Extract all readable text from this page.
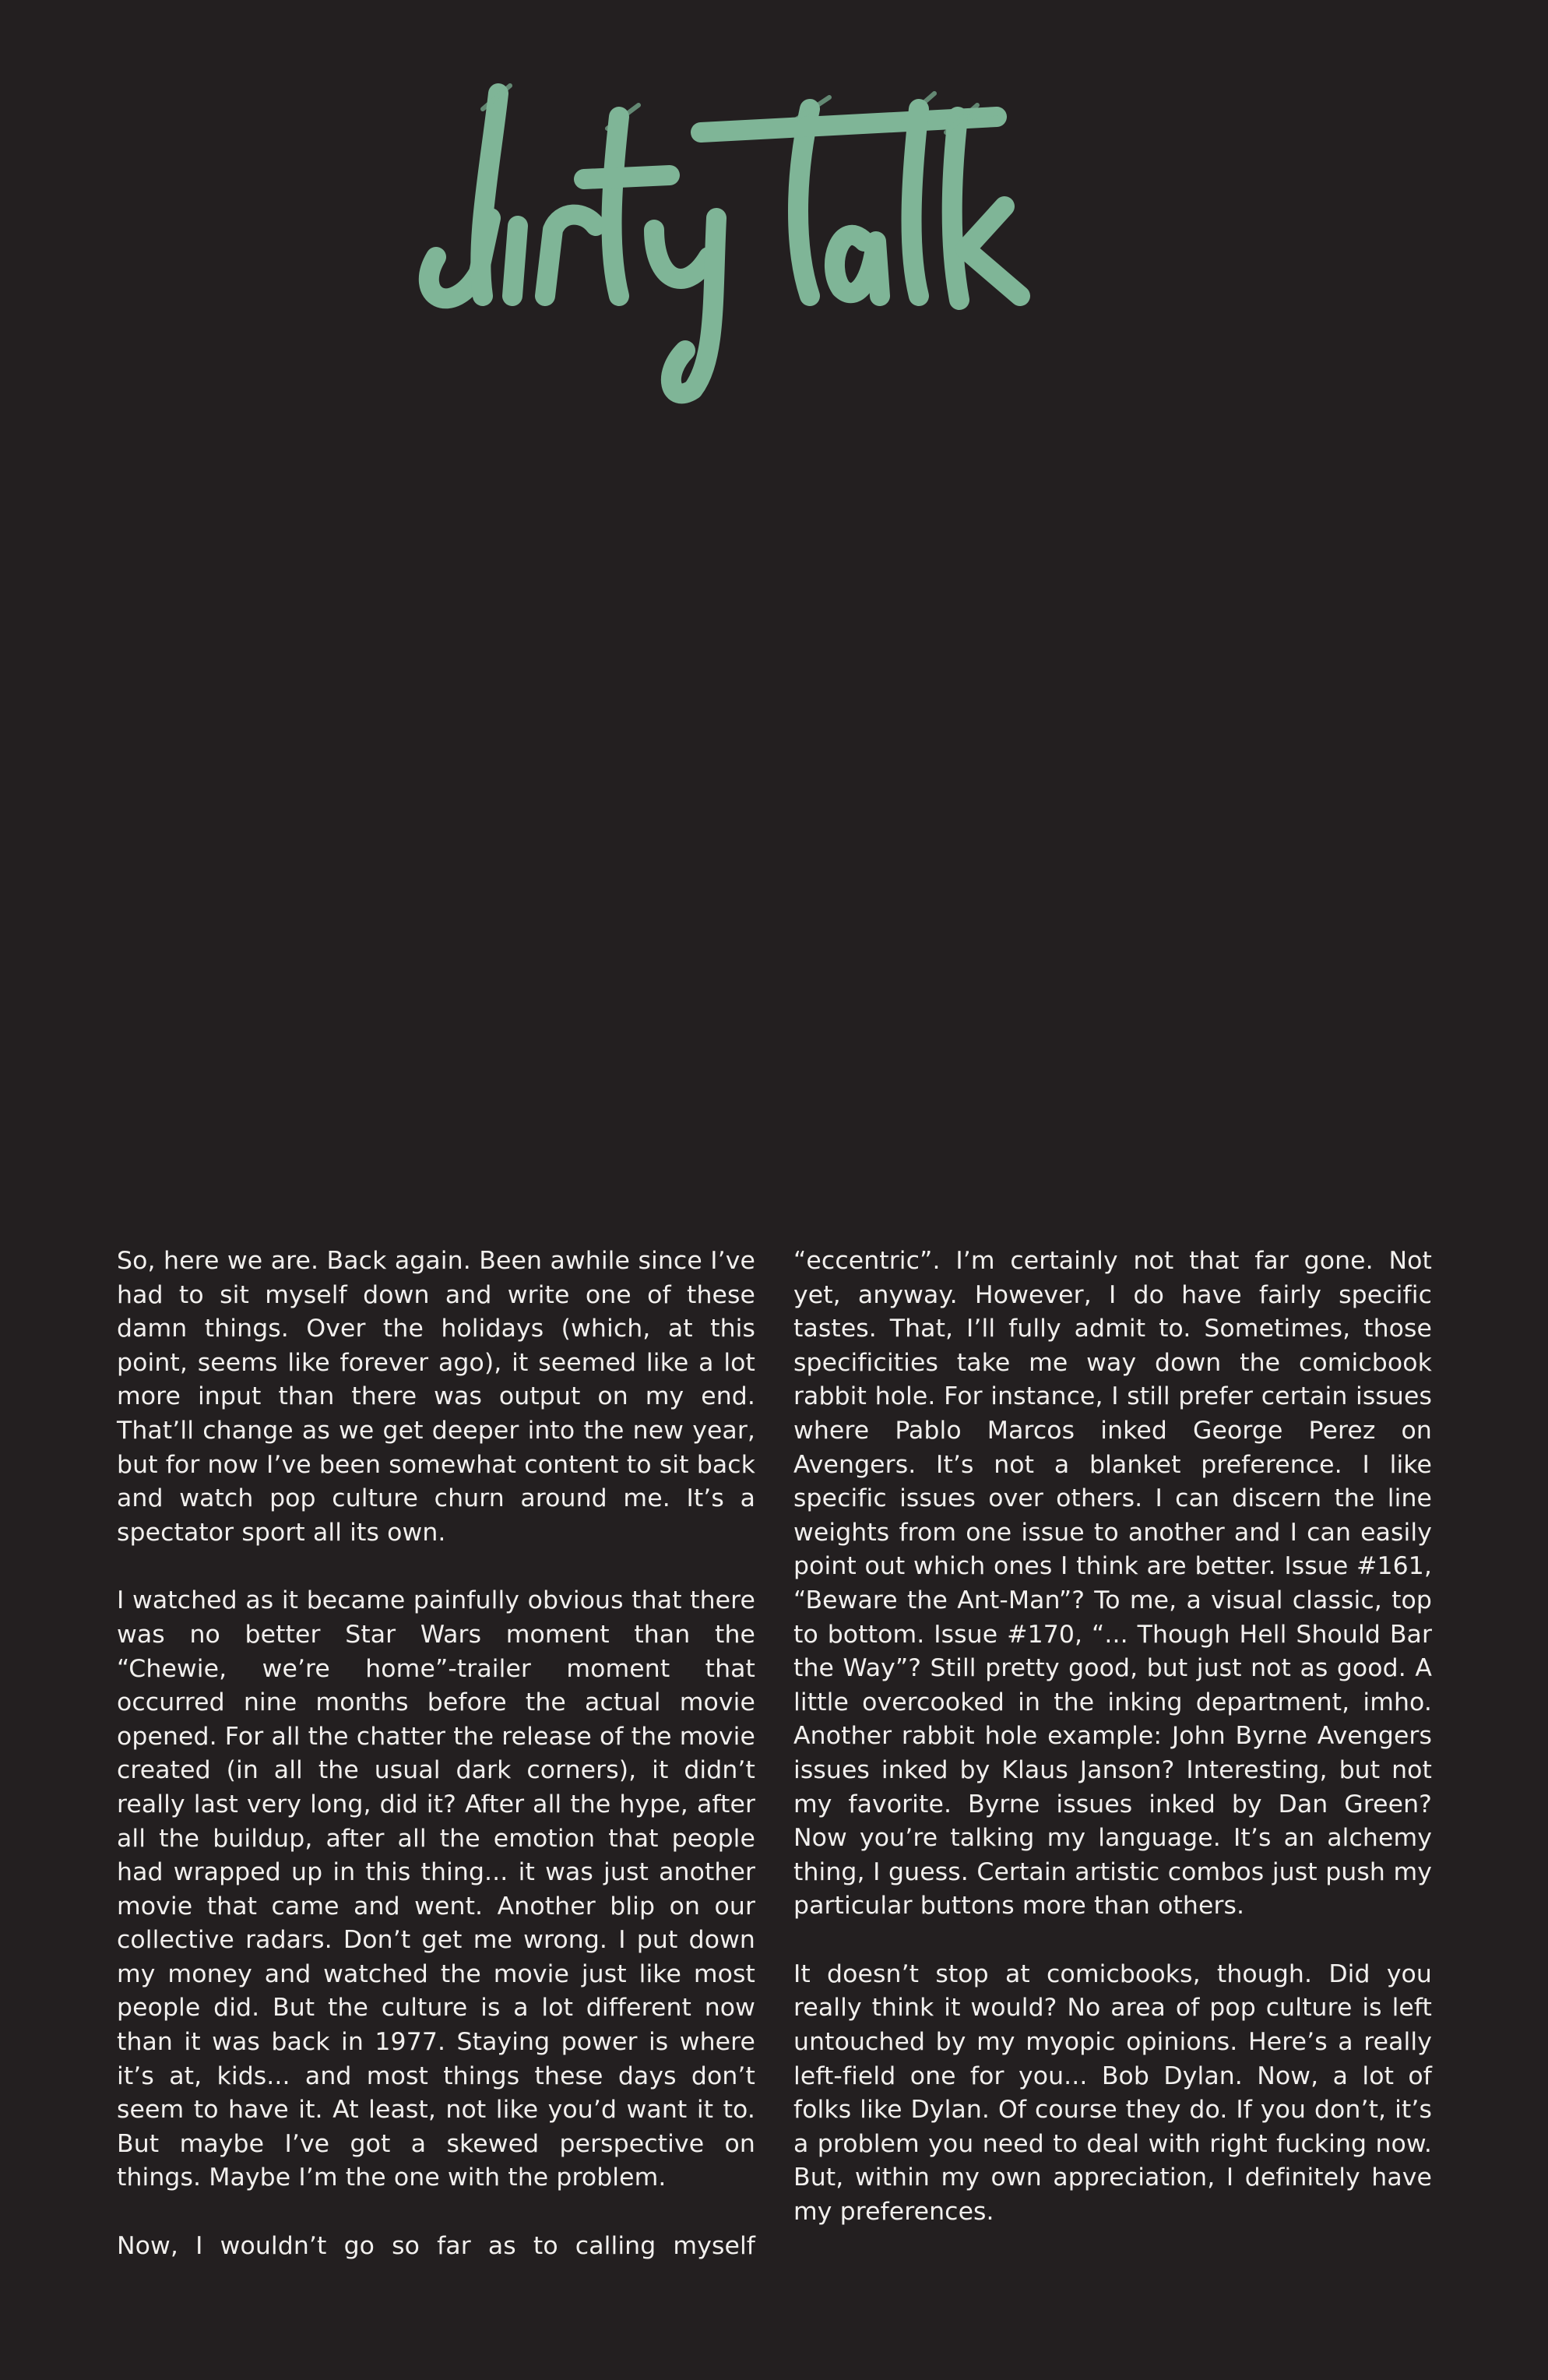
So, here we are. Back again. Been awhile since I’ve had to sit myself down and write one of these damn things. Over the holidays (which, at this point, seems like forever ago), it seemed like a lot more input than there was output on my end. That’ll change as we get deeper into the new year, but for now I’ve been somewhat content to sit back and watch pop culture churn around me. It’s a spectator sport all its own.

I watched as it became painfully obvious that there was no better Star Wars moment than the “Chewie, we’re home”-trailer moment that occurred nine months before the actual movie opened. For all the chatter the release of the movie created (in all the usual dark corners), it didn’t really last very long, did it? After all the hype, after all the buildup, after all the emotion that people had wrapped up in this thing... it was just another movie that came and went. Another blip on our collective radars. Don’t get me wrong. I put down my money and watched the movie just like most people did. But the culture is a lot different now than it was back in 1977. Staying power is where it’s at, kids... and most things these days don’t seem to have it. At least, not like you’d want it to. But maybe I’ve got a skewed perspective on things. Maybe I’m the one with the problem.

Now, I wouldn’t go so far as to calling myself

“eccentric”. I’m certainly not that far gone. Not yet, anyway. However, I do have fairly specific tastes. That, I’ll fully admit to. Sometimes, those specificities take me way down the comicbook rabbit hole. For instance, I still prefer certain issues where Pablo Marcos inked George Perez on Avengers. It’s not a blanket preference. I like specific issues over others. I can discern the line weights from one issue to another and I can easily point out which ones I think are better. Issue #161, “Beware the Ant-Man”? To me, a visual classic, top to bottom. Issue #170, “... Though Hell Should Bar the Way”? Still pretty good, but just not as good. A little overcooked in the inking department, imho. Another rabbit hole example: John Byrne Avengers issues inked by Klaus Janson? Interesting, but not my favorite. Byrne issues inked by Dan Green? Now you’re talking my language. It’s an alchemy thing, I guess. Certain artistic combos just push my particular buttons more than others.

It doesn’t stop at comicbooks, though. Did you really think it would? No area of pop culture is left untouched by my myopic opinions. Here’s a really left-field one for you... Bob Dylan. Now, a lot of folks like Dylan. Of course they do. If you don’t, it’s a problem you need to deal with right fucking now. But, within my own appreciation, I definitely have my preferences.
